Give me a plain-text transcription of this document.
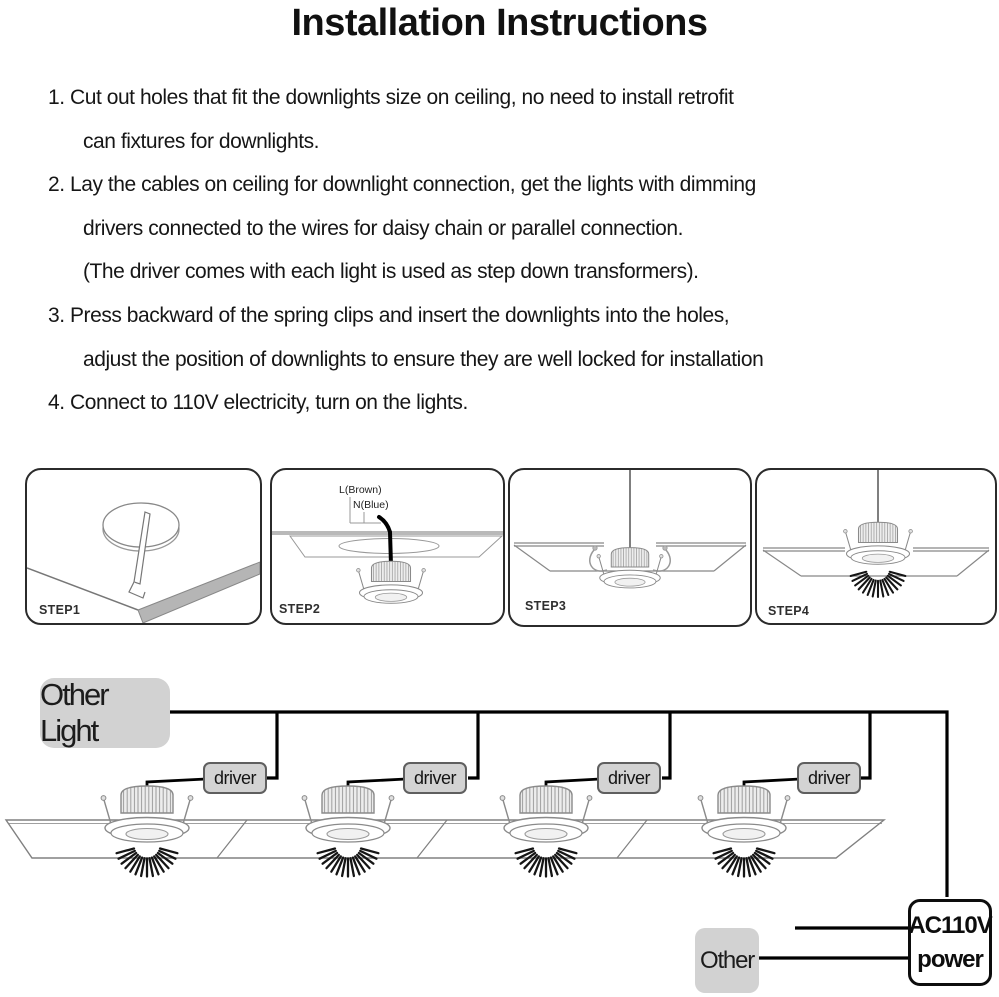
Installation Instructions
1. Cut out holes that fit the downlights size on ceiling, no need to install retrofit
can fixtures for downlights.
2. Lay the cables on ceiling for downlight connection, get the lights with dimming
drivers connected to the wires for daisy chain or parallel connection.
(The driver comes with each light is used as step down transformers).
3. Press backward of the spring clips and insert the downlights into the holes,
adjust the position of downlights to ensure they are well locked for installation
4. Connect to 110V electricity, turn on the lights.
STEP1
L(Brown)
N(Blue)
STEP2	STEP3	STEP4
Other Light
driver	driver	driver	driver
Other
AC110V
power
